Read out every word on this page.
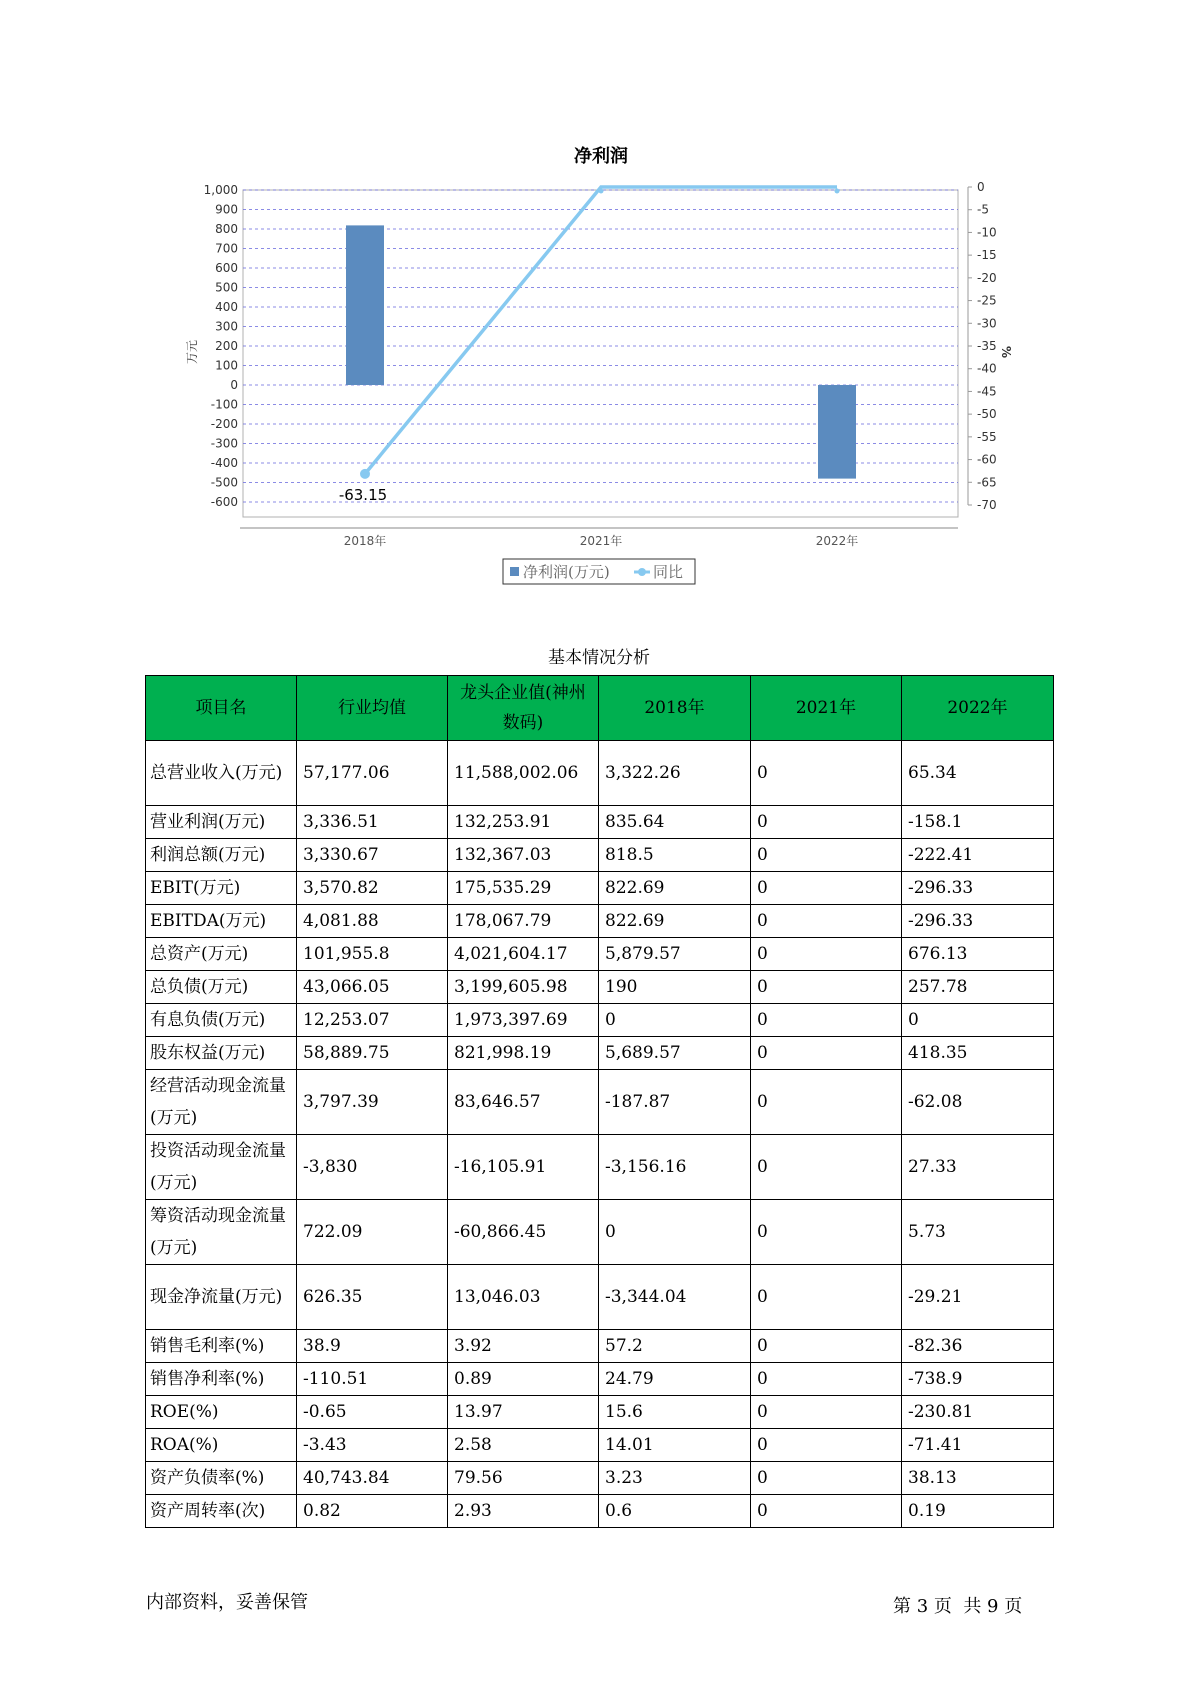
净利润
1,000
900
800
700
600
500
400
300
200
100
0
-100
-200
-300
-400
-500
-600
0
-5
-10
-15
-20
-25
-30
-35
-40
-45
-50
-55
-60
-65
-70
万元	%
2018年	2021年	2022年
-63.15
净利润(万元)	同比
基本情况分析
项目名	行业均值	龙头企业值(神州数码)	2018年	2021年	2022年
总营业收入(万元)	57,177.06	11,588,002.06	3,322.26	0	65.34
营业利润(万元)	3,336.51	132,253.91	835.64	0	-158.1
利润总额(万元)	3,330.67	132,367.03	818.5	0	-222.41
EBIT(万元)	3,570.82	175,535.29	822.69	0	-296.33
EBITDA(万元)	4,081.88	178,067.79	822.69	0	-296.33
总资产(万元)	101,955.8	4,021,604.17	5,879.57	0	676.13
总负债(万元)	43,066.05	3,199,605.98	190	0	257.78
有息负债(万元)	12,253.07	1,973,397.69	0	0	0
股东权益(万元)	58,889.75	821,998.19	5,689.57	0	418.35
经营活动现金流量(万元)	3,797.39	83,646.57	-187.87	0	-62.08
投资活动现金流量(万元)	-3,830	-16,105.91	-3,156.16	0	27.33
筹资活动现金流量(万元)	722.09	-60,866.45	0	0	5.73
现金净流量(万元)	626.35	13,046.03	-3,344.04	0	-29.21
销售毛利率(%)	38.9	3.92	57.2	0	-82.36
销售净利率(%)	-110.51	0.89	24.79	0	-738.9
ROE(%)	-0.65	13.97	15.6	0	-230.81
ROA(%)	-3.43	2.58	14.01	0	-71.41
资产负债率(%)	40,743.84	79.56	3.23	0	38.13
资产周转率(次)	0.82	2.93	0.6	0	0.19
内部资料，妥善保管	第 3 页  共 9 页
